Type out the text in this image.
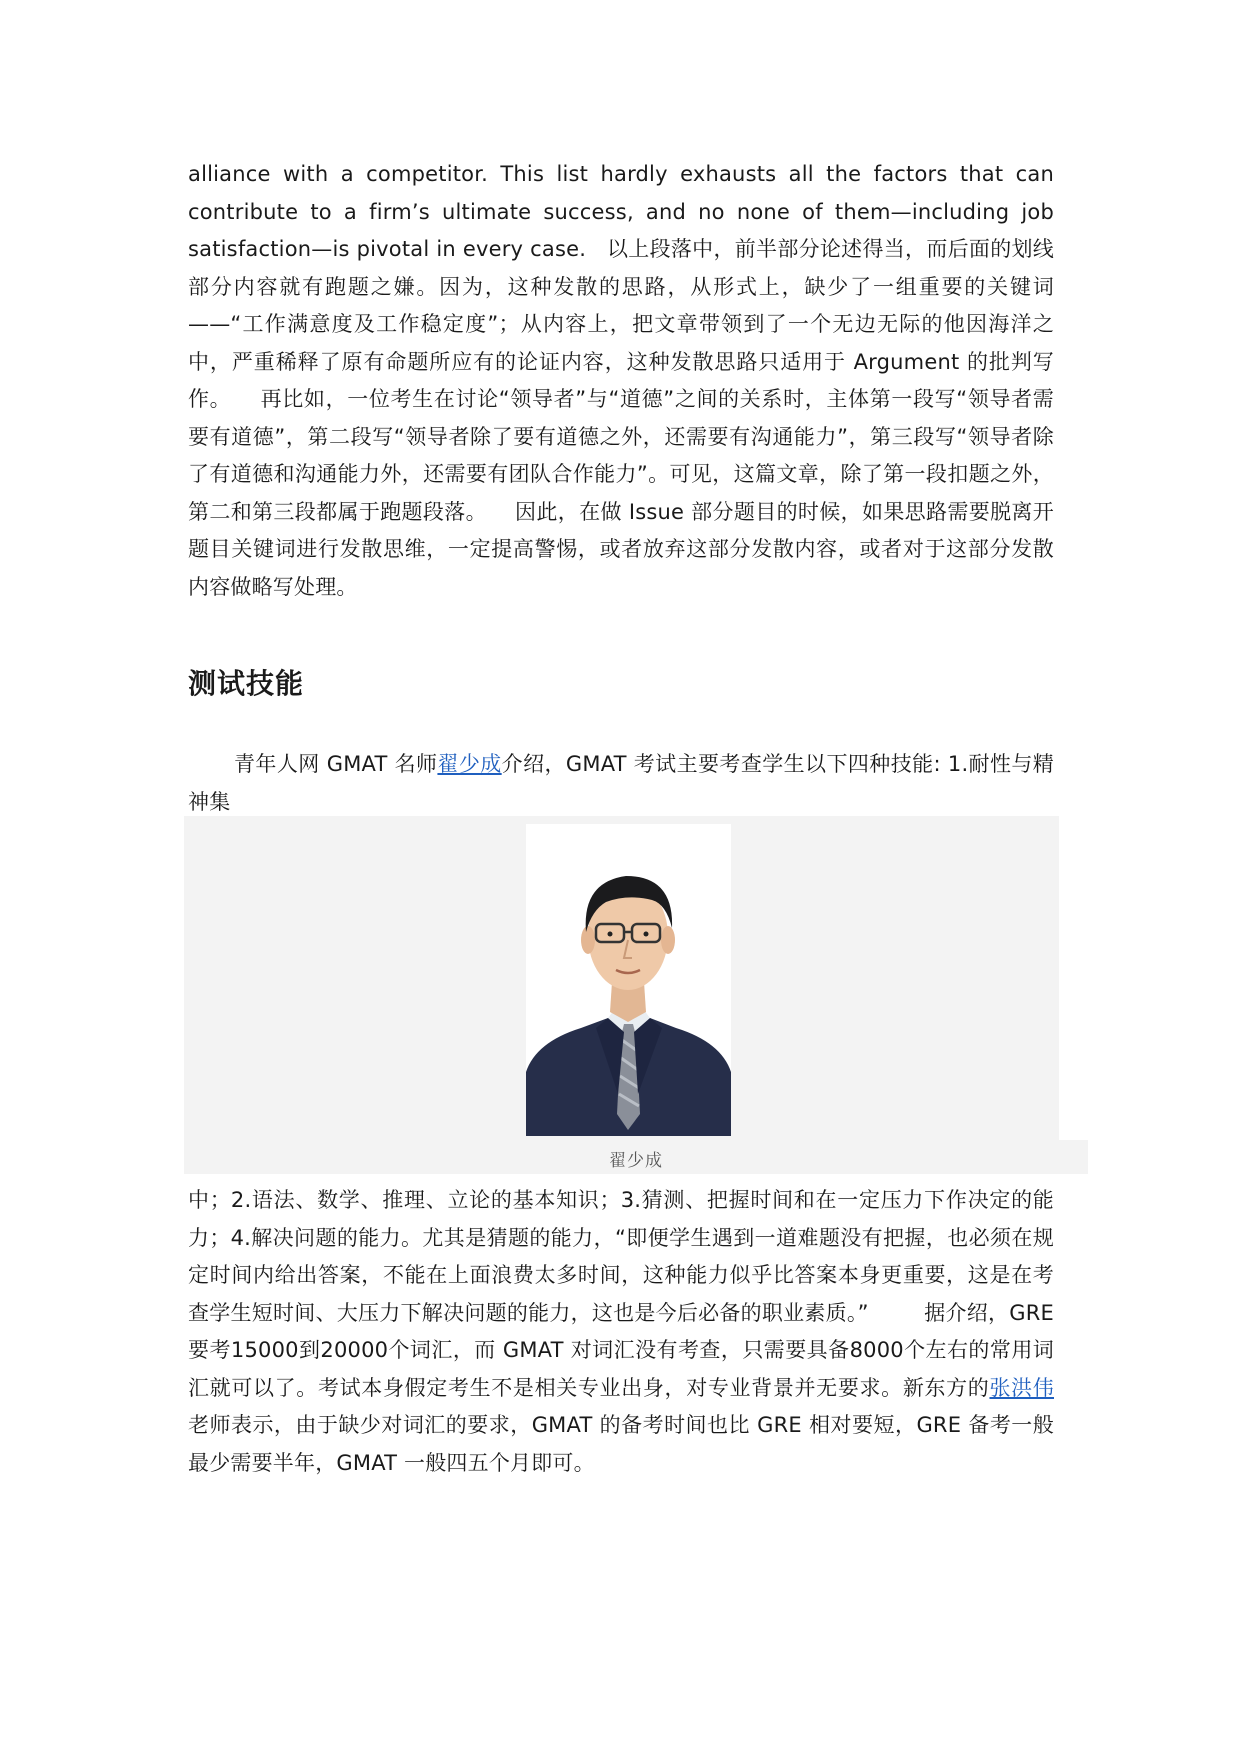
alliance with a competitor. This list hardly exhausts all the factors that can contribute to a firm’s ultimate success, and no none of them—including job satisfaction—is pivotal in every case. 以上段落中，前半部分论述得当，而后面的划线部分内容就有跑题之嫌。因为，这种发散的思路，从形式上，缺少了一组重要的关键词——“工作满意度及工作稳定度”；从内容上，把文章带领到了一个无边无际的他因海洋之中，严重稀释了原有命题所应有的论证内容，这种发散思路只适用于 Argument 的批判写作。 再比如，一位考生在讨论“领导者”与“道德”之间的关系时，主体第一段写“领导者需要有道德”，第二段写“领导者除了要有道德之外，还需要有沟通能力”，第三段写“领导者除了有道德和沟通能力外，还需要有团队合作能力”。可见，这篇文章，除了第一段扣题之外，第二和第三段都属于跑题段落。 因此，在做 Issue 部分题目的时候，如果思路需要脱离开题目关键词进行发散思维，一定提高警惕，或者放弃这部分发散内容，或者对于这部分发散内容做略写处理。

测试技能

青年人网 GMAT 名师翟少成介绍，GMAT 考试主要考查学生以下四种技能: 1.耐性与精神集

翟少成

中；2.语法、数学、推理、立论的基本知识；3.猜测、把握时间和在一定压力下作决定的能力；4.解决问题的能力。尤其是猜题的能力，“即便学生遇到一道难题没有把握，也必须在规定时间内给出答案，不能在上面浪费太多时间，这种能力似乎比答案本身更重要，这是在考查学生短时间、大压力下解决问题的能力，这也是今后必备的职业素质。”	据介绍，GRE 要考15000到20000个词汇，而 GMAT 对词汇没有考查，只需要具备8000个左右的常用词汇就可以了。考试本身假定考生不是相关专业出身，对专业背景并无要求。新东方的张洪伟老师表示，由于缺少对词汇的要求，GMAT 的备考时间也比 GRE 相对要短，GRE 备考一般最少需要半年，GMAT 一般四五个月即可。
